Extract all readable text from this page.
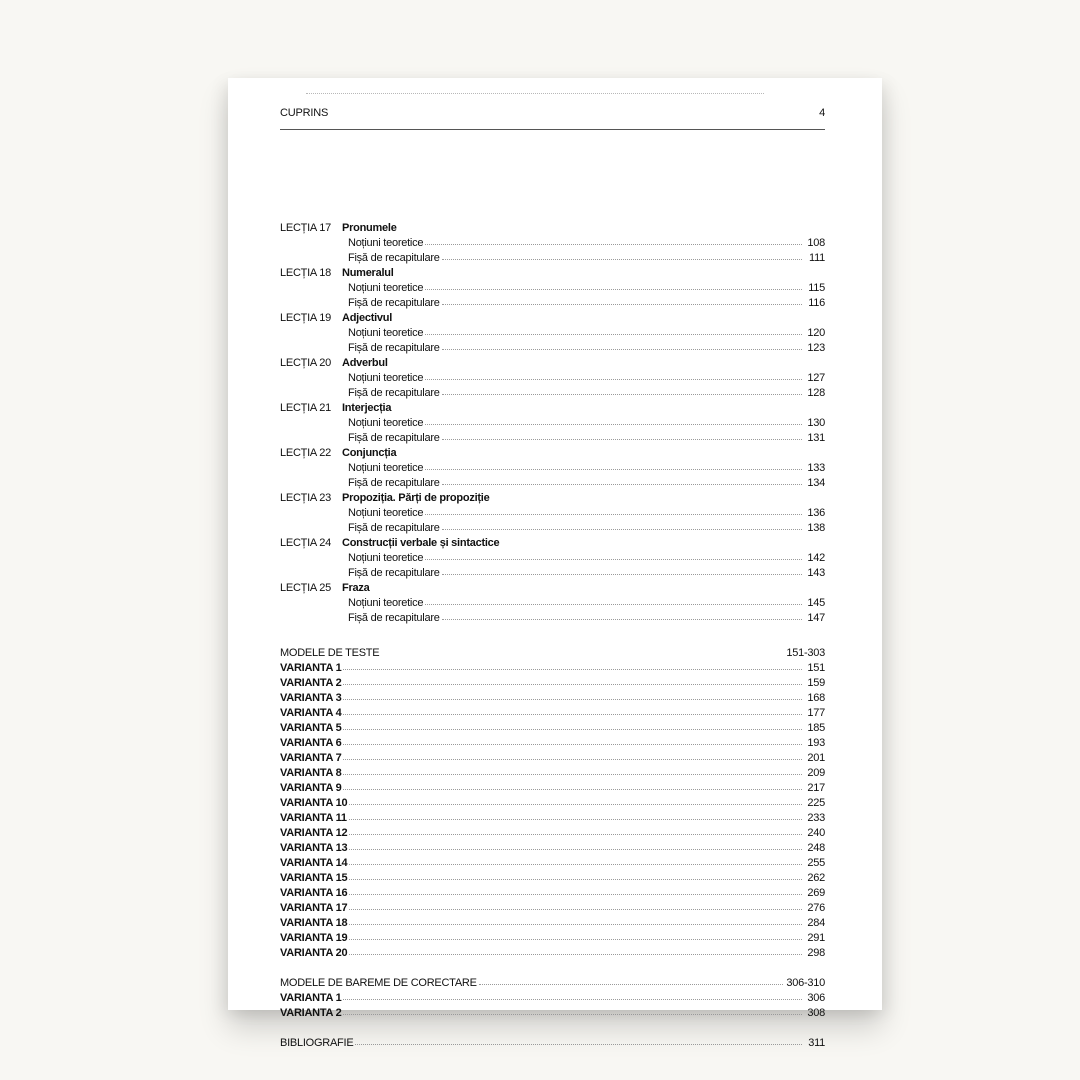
CUPRINS	4
LECȚIA 17	Pronumele
Noțiuni teoretice	108
Fișă de recapitulare	111
LECȚIA 18	Numeralul
Noțiuni teoretice	115
Fișă de recapitulare	116
LECȚIA 19	Adjectivul
Noțiuni teoretice	120
Fișă de recapitulare	123
LECȚIA 20	Adverbul
Noțiuni teoretice	127
Fișă de recapitulare	128
LECȚIA 21	Interjecția
Noțiuni teoretice	130
Fișă de recapitulare	131
LECȚIA 22	Conjuncția
Noțiuni teoretice	133
Fișă de recapitulare	134
LECȚIA 23	Propoziția. Părți de propoziție
Noțiuni teoretice	136
Fișă de recapitulare	138
LECȚIA 24	Construcții verbale și sintactice
Noțiuni teoretice	142
Fișă de recapitulare	143
LECȚIA 25	Fraza
Noțiuni teoretice	145
Fișă de recapitulare	147
MODELE DE TESTE	151-303
VARIANTA 1	151
VARIANTA 2	159
VARIANTA 3	168
VARIANTA 4	177
VARIANTA 5	185
VARIANTA 6	193
VARIANTA 7	201
VARIANTA 8	209
VARIANTA 9	217
VARIANTA 10	225
VARIANTA 11	233
VARIANTA 12	240
VARIANTA 13	248
VARIANTA 14	255
VARIANTA 15	262
VARIANTA 16	269
VARIANTA 17	276
VARIANTA 18	284
VARIANTA 19	291
VARIANTA 20	298
MODELE DE BAREME DE CORECTARE	306-310
VARIANTA 1	306
VARIANTA 2	308
BIBLIOGRAFIE	311
